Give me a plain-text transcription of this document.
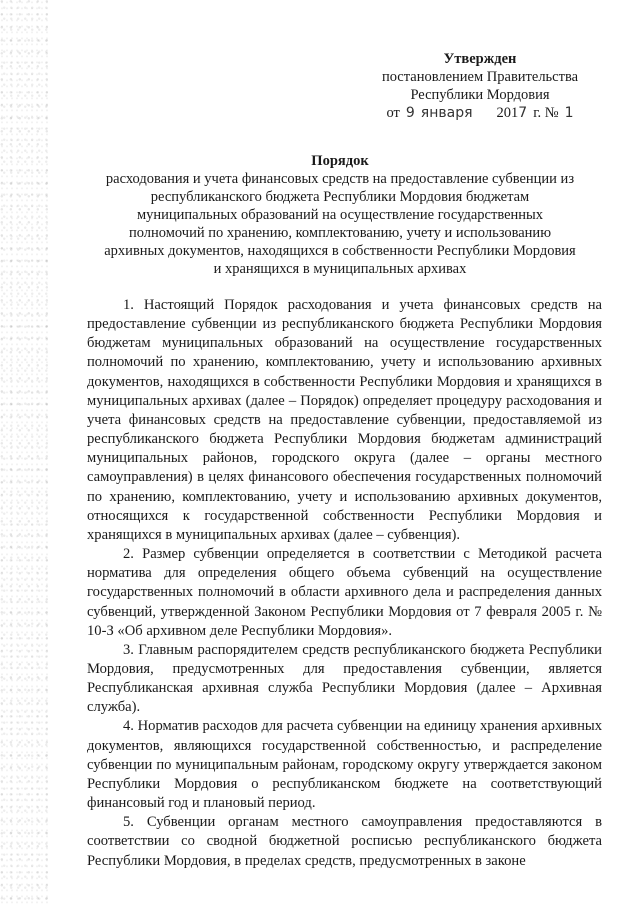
Утвержден
постановлением Правительства
Республики Мордовия
от 9 января 2017 г. № 1
Порядок
расходования и учета финансовых средств на предоставление субвенции из
республиканского бюджета Республики Мордовия бюджетам
муниципальных образований на осуществление государственных
полномочий по хранению, комплектованию, учету и использованию
архивных документов, находящихся в собственности Республики Мордовия
и хранящихся в муниципальных архивах

1. Настоящий Порядок расходования и учета финансовых средств на предоставление субвенции из республиканского бюджета Республики Мордовия бюджетам муниципальных образований на осуществление государственных полномочий по хранению, комплектованию, учету и использованию архивных документов, находящихся в собственности Республики Мордовия и хранящихся в муниципальных архивах (далее – Порядок) определяет процедуру расходования и учета финансовых средств на предоставление субвенции, предоставляемой из республиканского бюджета Республики Мордовия бюджетам администраций муниципальных районов, городского округа (далее – органы местного самоуправления) в целях финансового обеспечения государственных полномочий по хранению, комплектованию, учету и использованию архивных документов, относящихся к государственной собственности Республики Мордовия и хранящихся в муниципальных архивах (далее – субвенция).

2. Размер субвенции определяется в соответствии с Методикой расчета норматива для определения общего объема субвенций на осуществление государственных полномочий в области архивного дела и распределения данных субвенций, утвержденной Законом Республики Мордовия от 7 февраля 2005 г. № 10-З «Об архивном деле Республики Мордовия».

3. Главным распорядителем средств республиканского бюджета Республики Мордовия, предусмотренных для предоставления субвенции, является Республиканская архивная служба Республики Мордовия (далее – Архивная служба).

4. Норматив расходов для расчета субвенции на единицу хранения архивных документов, являющихся государственной собственностью, и распределение субвенции по муниципальным районам, городскому округу утверждается законом Республики Мордовия о республиканском бюджете на соответствующий финансовый год и плановый период.

5. Субвенции органам местного самоуправления предоставляются в соответствии со сводной бюджетной росписью республиканского бюджета Республики Мордовия, в пределах средств, предусмотренных в законе
